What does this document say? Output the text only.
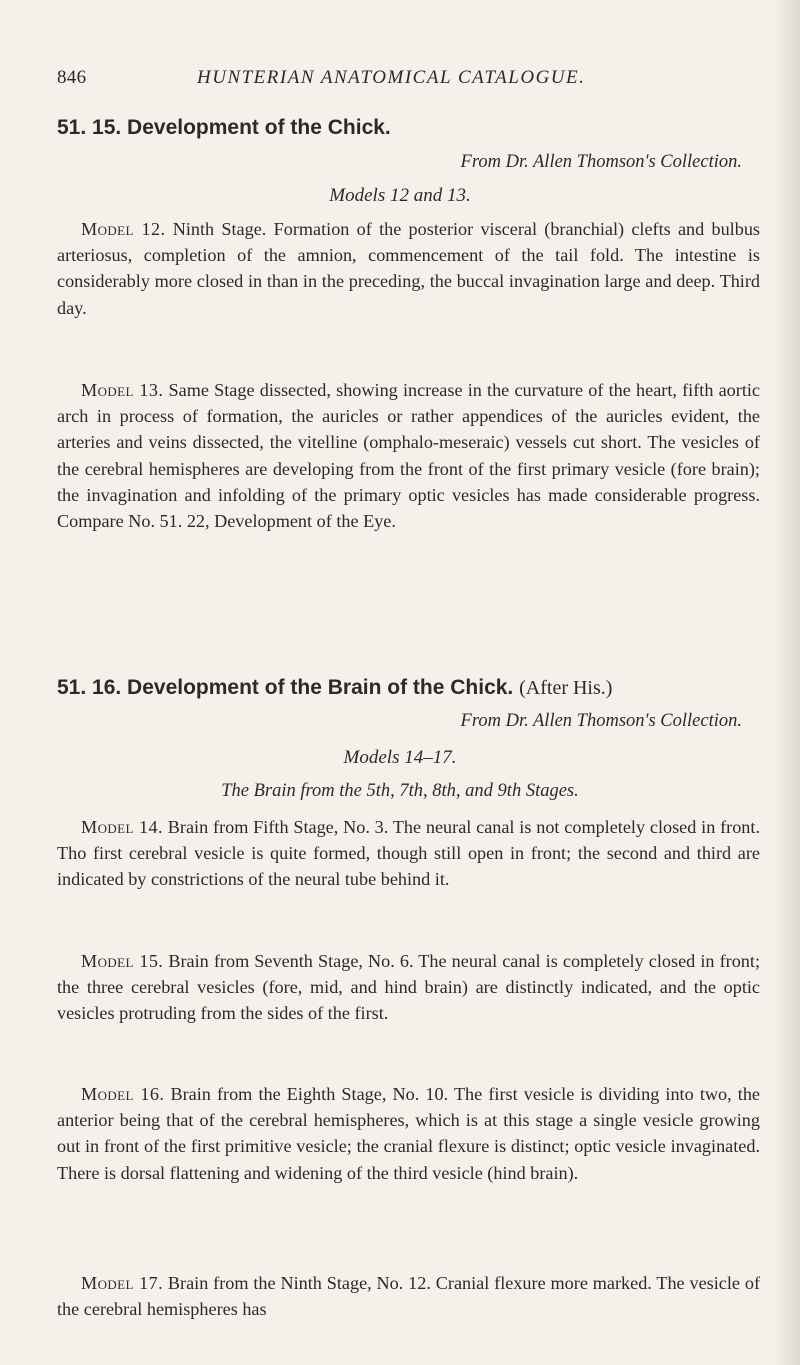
846	HUNTERIAN ANATOMICAL CATALOGUE.
51. 15. Development of the Chick.

From Dr. Allen Thomson's Collection.

Models 12 and 13.

Model 12. Ninth Stage. Formation of the posterior visceral (branchial) clefts and bulbus arteriosus, completion of the amnion, commencement of the tail fold. The intestine is considerably more closed in than in the preceding, the buccal invagination large and deep. Third day.

Model 13. Same Stage dissected, showing increase in the curvature of the heart, fifth aortic arch in process of formation, the auricles or rather appendices of the auricles evident, the arteries and veins dissected, the vitelline (omphalo-meseraic) vessels cut short. The vesicles of the cerebral hemispheres are developing from the front of the first primary vesicle (fore brain); the invagination and infolding of the primary optic vesicles has made considerable progress. Compare No. 51. 22, Development of the Eye.

51. 16. Development of the Brain of the Chick. (After His.)

From Dr. Allen Thomson's Collection.

Models 14–17.

The Brain from the 5th, 7th, 8th, and 9th Stages.

Model 14. Brain from Fifth Stage, No. 3. The neural canal is not completely closed in front. Tho first cerebral vesicle is quite formed, though still open in front; the second and third are indicated by constrictions of the neural tube behind it.

Model 15. Brain from Seventh Stage, No. 6. The neural canal is completely closed in front; the three cerebral vesicles (fore, mid, and hind brain) are distinctly indicated, and the optic vesicles protruding from the sides of the first.

Model 16. Brain from the Eighth Stage, No. 10. The first vesicle is dividing into two, the anterior being that of the cerebral hemispheres, which is at this stage a single vesicle growing out in front of the first primitive vesicle; the cranial flexure is distinct; optic vesicle invaginated. There is dorsal flattening and widening of the third vesicle (hind brain).

Model 17. Brain from the Ninth Stage, No. 12. Cranial flexure more marked. The vesicle of the cerebral hemispheres has
